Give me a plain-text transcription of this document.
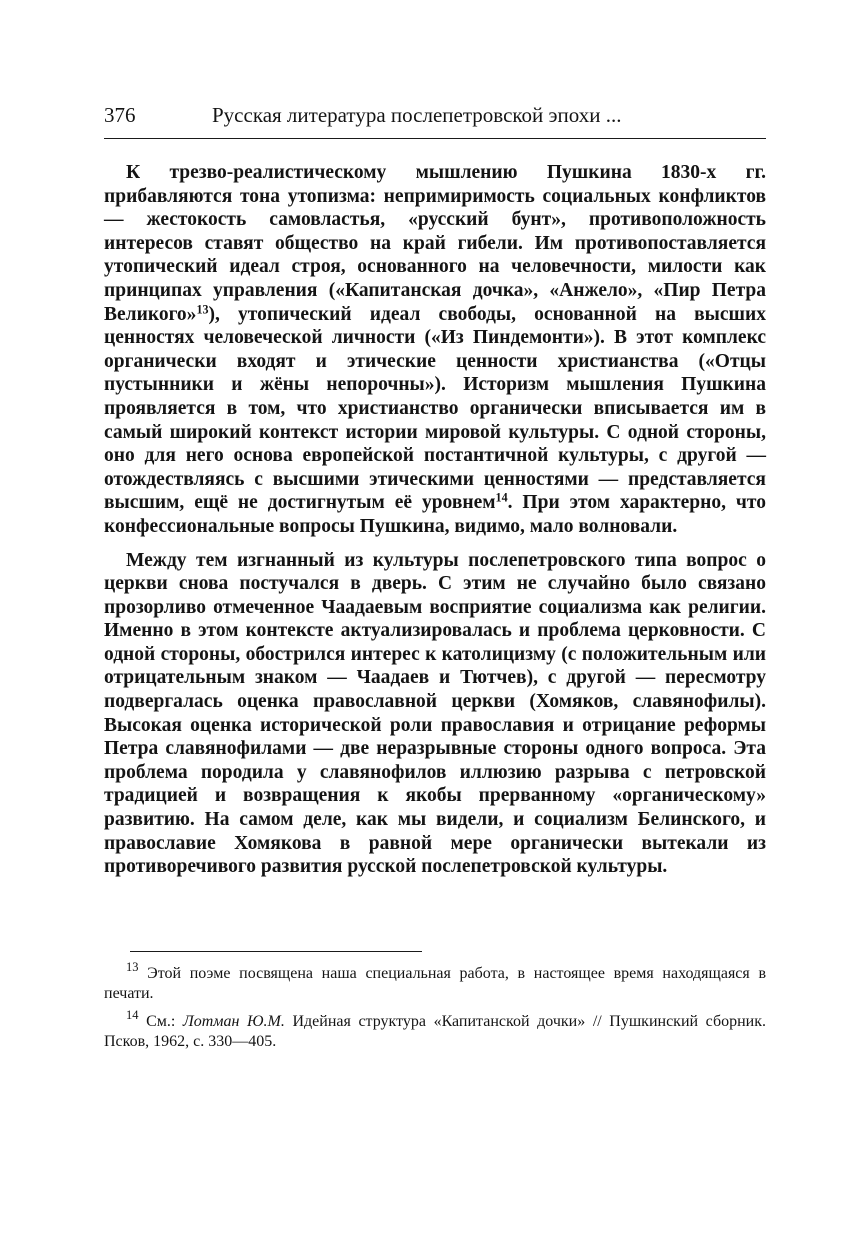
376	Русская литература послепетровской эпохи ...

К трезво-реалистическому мышлению Пушкина 1830-х гг. прибавляются тона утопизма: непримиримость социальных конфликтов — жестокость самовластья, «русский бунт», противоположность интересов ставят общество на край гибели. Им противопоставляется утопический идеал строя, основанного на человечности, милости как принципах управления («Капитанская дочка», «Анжело», «Пир Петра Великого»$^{13}$), утопический идеал свободы, основанной на высших ценностях человеческой личности («Из Пиндемонти»). В этот комплекс органически входят и этические ценности христианства («Отцы пустынники и жёны непорочны»). Историзм мышления Пушкина проявляется в том, что христианство органически вписывается им в самый широкий контекст истории мировой культуры. С одной стороны, оно для него основа европейской постантичной культуры, с другой — отождествляясь с высшими этическими ценностями — представляется высшим, ещё не достигнутым её уровнем$^{14}$. При этом характерно, что конфессиональные вопросы Пушкина, видимо, мало волновали.

Между тем изгнанный из культуры послепетровского типа вопрос о церкви снова постучался в дверь. С этим не случайно было связано прозорливо отмеченное Чаадаевым восприятие социализма как религии. Именно в этом контексте актуализировалась и проблема церковности. С одной стороны, обострился интерес к католицизму (с положительным или отрицательным знаком — Чаадаев и Тютчев), с другой — пересмотру подвергалась оценка православной церкви (Хомяков, славянофилы). Высокая оценка исторической роли православия и отрицание реформы Петра славянофилами — две неразрывные стороны одного вопроса. Эта проблема породила у славянофилов иллюзию разрыва с петровской традицией и возвращения к якобы прерванному «органическому» развитию. На самом деле, как мы видели, и социализм Белинского, и православие Хомякова в равной мере органически вытекали из противоречивого развития русской послепетровской культуры.

$^{13}$ Этой поэме посвящена наша специальная работа, в настоящее время находящаяся в печати.

$^{14}$ См.: Лотман Ю.М. Идейная структура «Капитанской дочки» // Пушкинский сборник. Псков, 1962, с. 330—405.
